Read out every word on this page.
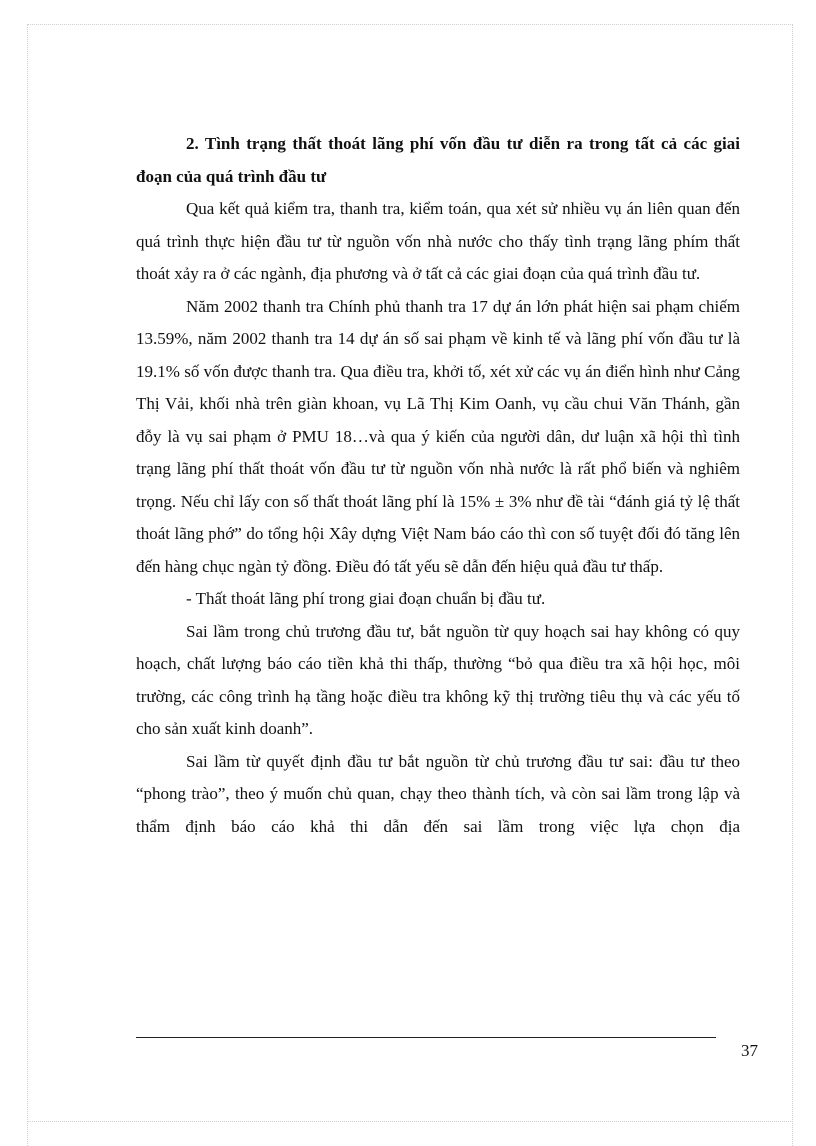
2. Tình trạng thất thoát lãng phí vốn đầu tư diễn ra trong tất cả các giai đoạn của quá trình đầu tư

Qua kết quả kiểm tra, thanh tra, kiểm toán, qua xét sử nhiều vụ án liên quan đến quá trình thực hiện đầu tư từ nguồn vốn nhà nước cho thấy tình trạng lãng phím thất thoát xảy ra ở các ngành, địa phương và ở tất cả các giai đoạn của quá trình đầu tư.

Năm 2002 thanh tra Chính phủ thanh tra 17 dự án lớn phát hiện sai phạm chiếm 13.59%, năm 2002 thanh tra 14 dự án số sai phạm về kinh tế và lãng phí vốn đầu tư là 19.1% số vốn được thanh tra. Qua điều tra, khởi tố, xét xử các vụ án điển hình như Cảng Thị Vải, khối nhà trên giàn khoan, vụ Lã Thị Kim Oanh, vụ cầu chui Văn Thánh, gần đỗy là vụ sai phạm ở PMU 18…và qua ý kiến của người dân, dư luận xã hội thì tình trạng lãng phí thất thoát vốn đầu tư từ nguồn vốn nhà nước là rất phổ biến và nghiêm trọng. Nếu chỉ lấy con số thất thoát lãng phí là 15% ± 3% như đề tài “đánh giá tỷ lệ thất thoát lãng phớ” do tổng hội Xây dựng Việt Nam báo cáo thì con số tuyệt đối đó tăng lên đến hàng chục ngàn tỷ đồng. Điều đó tất yếu sẽ dẫn đến hiệu quả đầu tư thấp.

- Thất thoát lãng phí trong giai đoạn chuẩn bị đầu tư.

Sai lầm trong chủ trương đầu tư, bắt nguồn từ quy hoạch sai hay không có quy hoạch, chất lượng báo cáo tiền khả thi thấp, thường “bỏ qua điều tra xã hội học, môi trường, các công trình hạ tầng hoặc điều tra không kỹ thị trường tiêu thụ và các yếu tố cho sản xuất kinh doanh”.

Sai lầm từ quyết định đầu tư bắt nguồn từ chủ trương đầu tư sai: đầu tư theo “phong trào”, theo ý muốn chủ quan, chạy theo thành tích, và còn sai lầm trong lập và thẩm định báo cáo khả thi dẫn đến sai lầm trong việc lựa chọn địa

37
